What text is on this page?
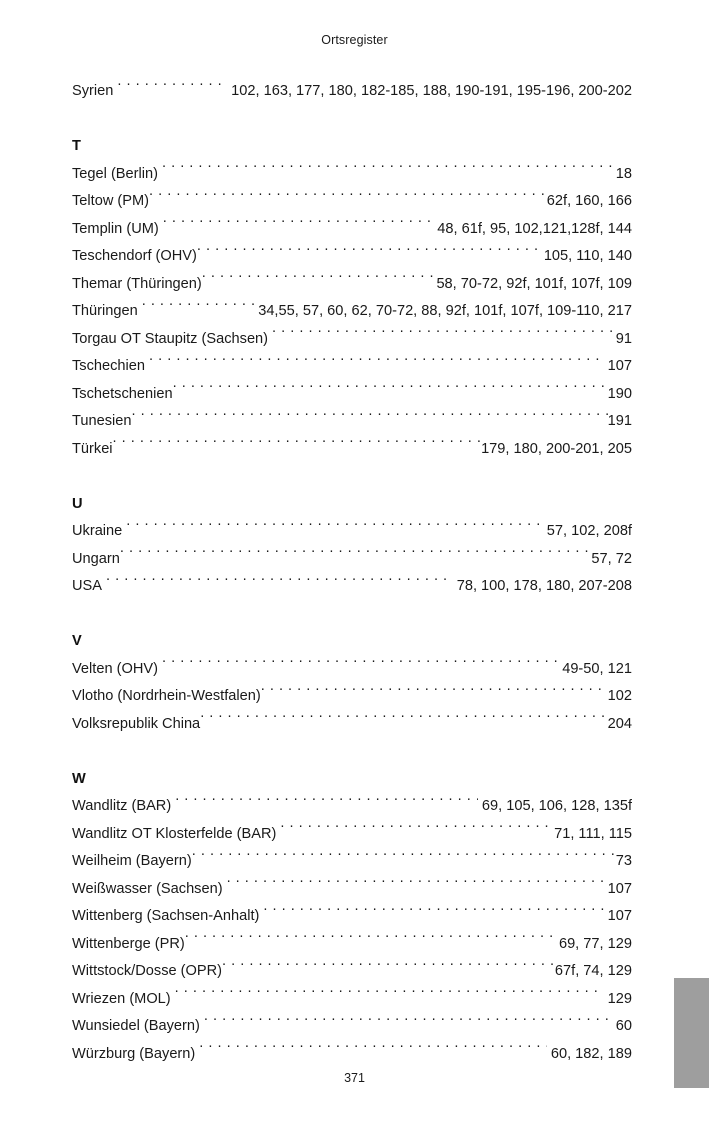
Ortsregister
Syrien . . .	102, 163, 177, 180, 182-185, 188, 190-191, 195-196, 200-202
T
Tegel (Berlin) . . .	18
Teltow (PM) . . .	62f, 160, 166
Templin (UM) . . .	48, 61f, 95, 102,121,128f, 144
Teschendorf (OHV) . . .	105, 110, 140
Themar (Thüringen) . . .	58, 70-72, 92f, 101f, 107f, 109
Thüringen . . .	34,55, 57, 60, 62, 70-72, 88, 92f, 101f, 107f, 109-110, 217
Torgau OT Staupitz (Sachsen) . . .	91
Tschechien . . .	107
Tschetschenien . . .	190
Tunesien . . .	191
Türkei . . .	179, 180, 200-201, 205
U
Ukraine . . .	57, 102, 208f
Ungarn . . .	57, 72
USA . . .	78, 100, 178, 180, 207-208
V
Velten (OHV) . . .	49-50, 121
Vlotho (Nordrhein-Westfalen) . . .	102
Volksrepublik China . . .	204
W
Wandlitz (BAR) . . .	69, 105, 106, 128, 135f
Wandlitz OT Klosterfelde (BAR) . . .	71, 111, 115
Weilheim (Bayern) . . .	73
Weißwasser (Sachsen) . . .	107
Wittenberg (Sachsen-Anhalt) . . .	107
Wittenberge (PR) . . .	69, 77, 129
Wittstock/Dosse (OPR) . . .	67f, 74, 129
Wriezen (MOL) . . .	129
Wunsiedel (Bayern) . . .	60
Würzburg (Bayern) . . .	60, 182, 189
371
